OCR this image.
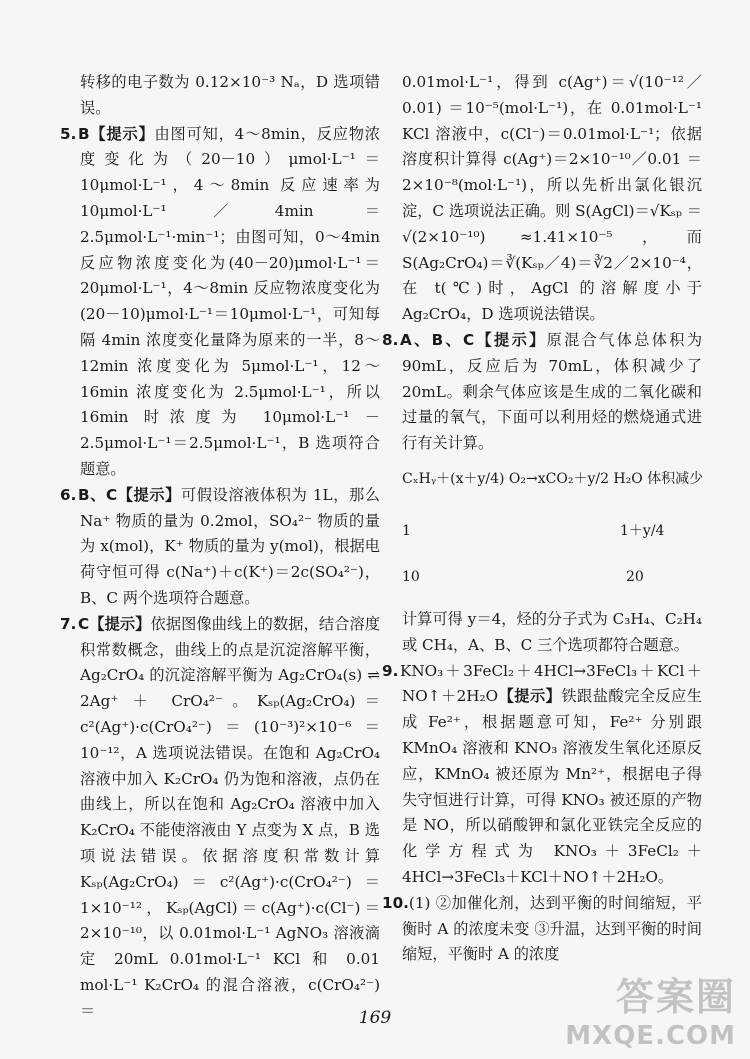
转移的电子数为 0.12×10⁻³ Nₐ，D 选项错误。

5. B【提示】由图可知，4～8min，反应物浓度变化为（20－10）μmol·L⁻¹＝10μmol·L⁻¹，4～8min 反应速率为 10μmol·L⁻¹／4min ＝ 2.5μmol·L⁻¹·min⁻¹；由图可知，0～4min 反应物浓度变化为(40－20)μmol·L⁻¹＝20μmol·L⁻¹，4～8min 反应物浓度变化为(20－10)μmol·L⁻¹＝10μmol·L⁻¹，可知每隔 4min 浓度变化量降为原来的一半，8～12min 浓度变化为 5μmol·L⁻¹，12～16min 浓度变化为 2.5μmol·L⁻¹，所以 16min 时浓度为 10μmol·L⁻¹ － 2.5μmol·L⁻¹＝2.5μmol·L⁻¹，B 选项符合题意。
6. B、C【提示】可假设溶液体积为 1L，那么 Na⁺ 物质的量为 0.2mol，SO₄²⁻ 物质的量为 x(mol)，K⁺ 物质的量为 y(mol)，根据电荷守恒可得 c(Na⁺)＋c(K⁺)＝2c(SO₄²⁻)，B、C 两个选项符合题意。
7. C【提示】依据图像曲线上的数据，结合溶度积常数概念，曲线上的点是沉淀溶解平衡，Ag₂CrO₄ 的沉淀溶解平衡为 Ag₂CrO₄(s) ⇌ 2Ag⁺ ＋ CrO₄²⁻。Kₛₚ(Ag₂CrO₄)＝c²(Ag⁺)·c(CrO₄²⁻)＝(10⁻³)²×10⁻⁶＝10⁻¹²，A 选项说法错误。在饱和 Ag₂CrO₄ 溶液中加入 K₂CrO₄ 仍为饱和溶液，点仍在曲线上，所以在饱和 Ag₂CrO₄ 溶液中加入 K₂CrO₄ 不能使溶液由 Y 点变为 X 点，B 选项说法错误。依据溶度积常数计算 Kₛₚ(Ag₂CrO₄)＝c²(Ag⁺)·c(CrO₄²⁻)＝1×10⁻¹²，Kₛₚ(AgCl)＝c(Ag⁺)·c(Cl⁻)＝2×10⁻¹⁰，以 0.01mol·L⁻¹ AgNO₃ 溶液滴定 20mL 0.01mol·L⁻¹ KCl 和 0.01 mol·L⁻¹ K₂CrO₄ 的混合溶液，c(CrO₄²⁻)＝

0.01mol·L⁻¹，得到 c(Ag⁺)＝√(10⁻¹²／0.01) ＝10⁻⁵(mol·L⁻¹)，在 0.01mol·L⁻¹ KCl 溶液中，c(Cl⁻)＝0.01mol·L⁻¹；依据溶度积计算得 c(Ag⁺)＝2×10⁻¹⁰／0.01 ＝2×10⁻⁸(mol·L⁻¹)，所以先析出氯化银沉淀，C 选项说法正确。则 S(AgCl)＝√Kₛₚ ＝ √(2×10⁻¹⁰) ≈1.41×10⁻⁵，而 S(Ag₂CrO₄)＝∛(Kₛₚ／4)＝∛2／2×10⁻⁴，在 t(℃)时，AgCl 的溶解度小于 Ag₂CrO₄，D 选项说法错误。

8. A、B、C【提示】原混合气体总体积为 90mL，反应后为 70mL，体积减少了 20mL。剩余气体应该是生成的二氧化碳和过量的氧气，下面可以利用烃的燃烧通式进行有关计算。
CₓHᵧ＋(x＋y/4) O₂→xCO₂＋y/2 H₂O 体积减少
1	1＋y/4
10	20

计算可得 y＝4，烃的分子式为 C₃H₄、C₂H₄ 或 CH₄，A、B、C 三个选项都符合题意。

9. KNO₃＋3FeCl₂＋4HCl→3FeCl₃＋KCl＋NO↑＋2H₂O【提示】铁跟盐酸完全反应生成 Fe²⁺，根据题意可知，Fe²⁺ 分别跟 KMnO₄ 溶液和 KNO₃ 溶液发生氧化还原反应，KMnO₄ 被还原为 Mn²⁺，根据电子得失守恒进行计算，可得 KNO₃ 被还原的产物是 NO，所以硝酸钾和氯化亚铁完全反应的化学方程式为 KNO₃＋3FeCl₂＋4HCl→3FeCl₃＋KCl＋NO↑＋2H₂O。
10.(1) ②加催化剂，达到平衡的时间缩短，平衡时 A 的浓度未变 ③升温，达到平衡的时间缩短，平衡时 A 的浓度
169	答案圈
MXQE.COM
